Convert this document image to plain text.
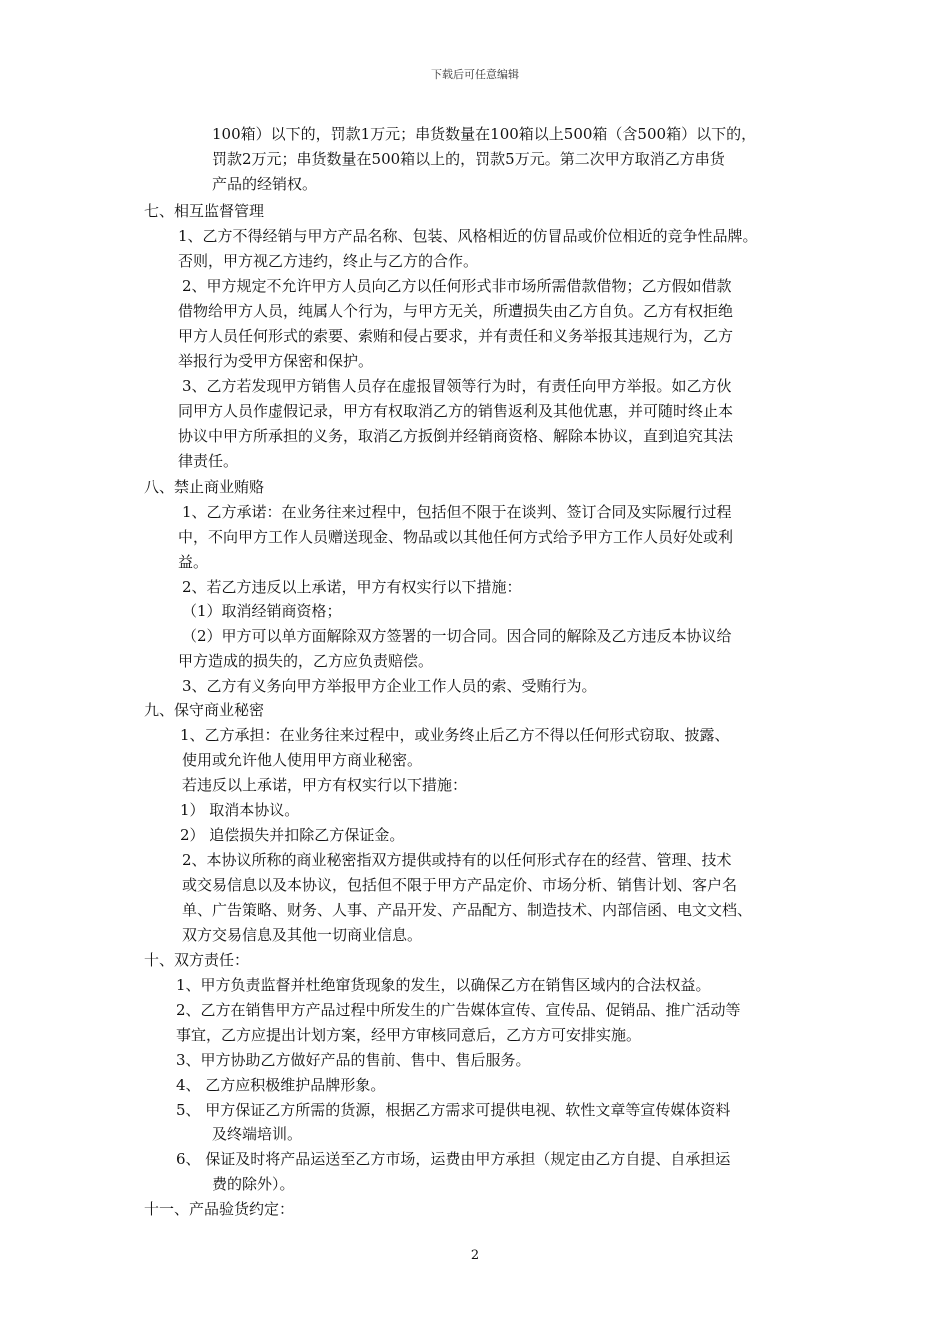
下载后可任意编辑
100箱）以下的，罚款1万元；串货数量在100箱以上500箱（含500箱）以下的，
罚款2万元；串货数量在500箱以上的，罚款5万元。第二次甲方取消乙方串货
产品的经销权。
七、相互监督管理
1、乙方不得经销与甲方产品名称、包装、风格相近的仿冒品或价位相近的竞争性品牌。
否则，甲方视乙方违约，终止与乙方的合作。
2、甲方规定不允许甲方人员向乙方以任何形式非市场所需借款借物；乙方假如借款
借物给甲方人员，纯属人个行为，与甲方无关，所遭损失由乙方自负。乙方有权拒绝
甲方人员任何形式的索要、索贿和侵占要求，并有责任和义务举报其违规行为，乙方
举报行为受甲方保密和保护。
3、乙方若发现甲方销售人员存在虚报冒领等行为时，有责任向甲方举报。如乙方伙
同甲方人员作虚假记录，甲方有权取消乙方的销售返利及其他优惠，并可随时终止本
协议中甲方所承担的义务，取消乙方扳倒并经销商资格、解除本协议，直到追究其法
律责任。
八、禁止商业贿赂
1、乙方承诺：在业务往来过程中，包括但不限于在谈判、签订合同及实际履行过程
中，不向甲方工作人员赠送现金、物品或以其他任何方式给予甲方工作人员好处或利
益。
2、若乙方违反以上承诺，甲方有权实行以下措施：
（1）取消经销商资格；
（2）甲方可以单方面解除双方签署的一切合同。因合同的解除及乙方违反本协议给
甲方造成的损失的，乙方应负责赔偿。
3、乙方有义务向甲方举报甲方企业工作人员的索、受贿行为。
九、保守商业秘密
1、乙方承担：在业务往来过程中，或业务终止后乙方不得以任何形式窃取、披露、
使用或允许他人使用甲方商业秘密。
若违反以上承诺，甲方有权实行以下措施：
1） 取消本协议。
2） 追偿损失并扣除乙方保证金。
2、本协议所称的商业秘密指双方提供或持有的以任何形式存在的经营、管理、技术
或交易信息以及本协议，包括但不限于甲方产品定价、市场分析、销售计划、客户名
单、广告策略、财务、人事、产品开发、产品配方、制造技术、内部信函、电文文档、
双方交易信息及其他一切商业信息。
十、双方责任：
1、甲方负责监督并杜绝窜货现象的发生，以确保乙方在销售区域内的合法权益。
2、乙方在销售甲方产品过程中所发生的广告媒体宣传、宣传品、促销品、推广活动等
事宜，乙方应提出计划方案，经甲方审核同意后，乙方方可安排实施。
3、甲方协助乙方做好产品的售前、售中、售后服务。
4、 乙方应积极维护品牌形象。
5、 甲方保证乙方所需的货源，根据乙方需求可提供电视、软性文章等宣传媒体资料
及终端培训。
6、 保证及时将产品运送至乙方市场，运费由甲方承担（规定由乙方自提、自承担运
费的除外）。
十一、产品验货约定：
2
